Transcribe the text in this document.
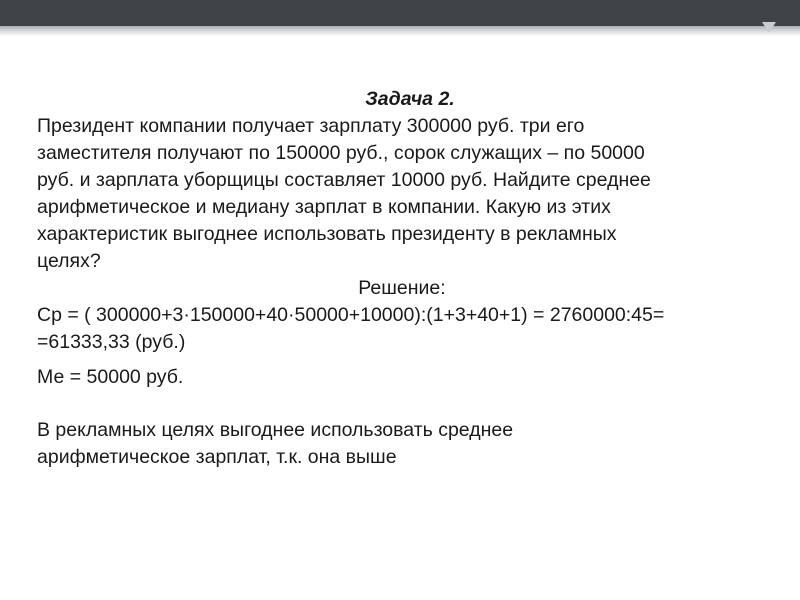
Задача 2.
Президент компании получает зарплату 300000 руб. три его
заместителя получают по 150000 руб., сорок служащих – по 50000
руб. и зарплата уборщицы составляет 10000 руб. Найдите среднее
арифметическое и медиану зарплат в компании. Какую из этих
характеристик выгоднее использовать президенту в рекламных
целях?
Решение:
Ср = ( 300000+3·150000+40·50000+10000):(1+3+40+1) = 2760000:45=
=61333,33 (руб.)
Ме = 50000 руб.
В рекламных целях выгоднее использовать среднее
арифметическое зарплат, т.к. она выше
